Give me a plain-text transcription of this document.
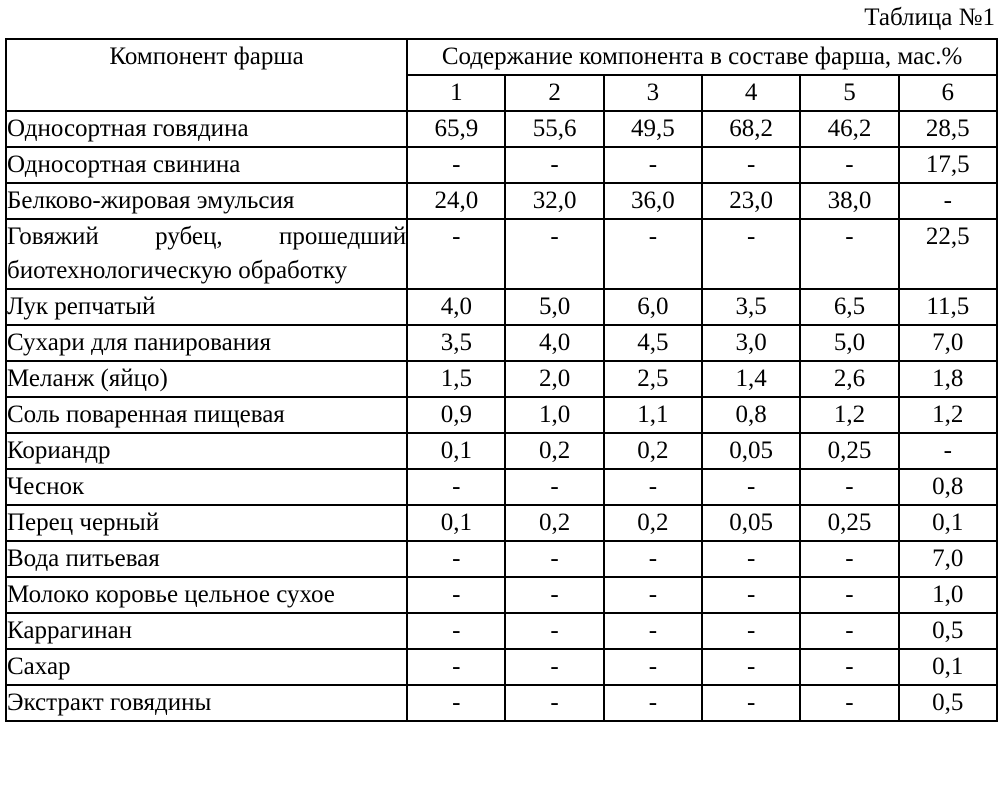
Таблица №1
Компонент фарша	Содержание компонента в составе фарша, мас.%					
	1	2	3	4	5	6
Односортная говядина	65,9	55,6	49,5	68,2	46,2	28,5
Односортная свинина	-	-	-	-	-	17,5
Белково-жировая эмульсия	24,0	32,0	36,0	23,0	38,0	-
Говяжий рубец, прошедший биотехнологическую обработку	-	-	-	-	-	22,5
Лук репчатый	4,0	5,0	6,0	3,5	6,5	11,5
Сухари для панирования	3,5	4,0	4,5	3,0	5,0	7,0
Меланж (яйцо)	1,5	2,0	2,5	1,4	2,6	1,8
Соль поваренная пищевая	0,9	1,0	1,1	0,8	1,2	1,2
Кориандр	0,1	0,2	0,2	0,05	0,25	-
Чеснок	-	-	-	-	-	0,8
Перец черный	0,1	0,2	0,2	0,05	0,25	0,1
Вода питьевая	-	-	-	-	-	7,0
Молоко коровье цельное сухое	-	-	-	-	-	1,0
Каррагинан	-	-	-	-	-	0,5
Сахар	-	-	-	-	-	0,1
Экстракт говядины	-	-	-	-	-	0,5
